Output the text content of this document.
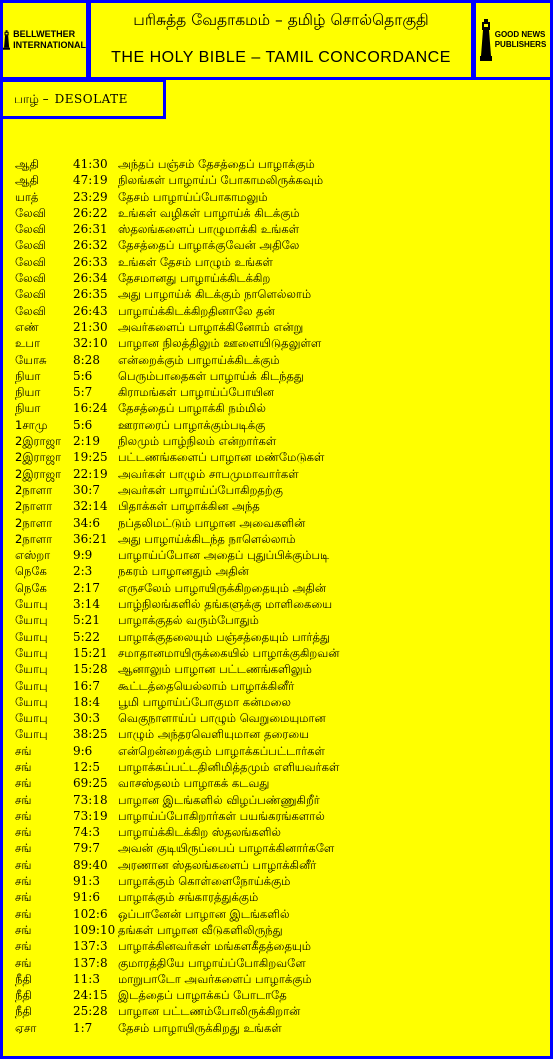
BELLWETHER
INTERNATIONAL
பரிசுத்த வேதாகமம் – தமிழ் சொல்தொகுதி
THE HOLY BIBLE – TAMIL CONCORDANCE
GOOD NEWS
PUBLISHERS
பாழ் – DESOLATE
ஆதி	41:30 அந்தப் பஞ்சம் தேசத்தைப் பாழாக்கும்
ஆதி	47:19 நிலங்கள் பாழாய்ப் போகாமலிருக்கவும்
யாத்	23:29 தேசம் பாழாய்ப்போகாமலும்
லேவி 26:22 உங்கள் வழிகள் பாழாய்க் கிடக்கும்
லேவி 26:31 ஸ்தலங்களைப் பாழுமாக்கி உங்கள்
லேவி 26:32 தேசத்தைப் பாழாக்குவேன் அதிலே
லேவி 26:33 உங்கள் தேசம் பாழும் உங்கள்
லேவி 26:34 தேசமானது பாழாய்க்கிடக்கிற
லேவி 26:35 அது பாழாய்க் கிடக்கும் நாளெல்லாம்
லேவி 26:43 பாழாய்க்கிடக்கிறதினாலே தன்
எண்	21:30 அவர்களைப் பாழாக்கினோம் என்று
உபா	32:10 பாழான நிலத்திலும் ஊளையிடுதலுள்ள
யோசு 8:28 என்றைக்கும் பாழாய்க்கிடக்கும்
நியா	5:6 பெரும்பாதைகள் பாழாய்க் கிடந்தது
நியா	5:7 கிராமங்கள் பாழாய்ப்போயின
நியா	16:24 தேசத்தைப் பாழாக்கி நம்மில்
1சாமு 5:6 ஊராரைப் பாழாக்கும்படிக்கு
2இராஜா 2:19 நிலமும் பாழ்நிலம் என்றார்கள்
2இராஜா 19:25 பட்டணங்களைப் பாழான மண்மேடுகள்
2இராஜா 22:19 அவர்கள் பாழும் சாபமுமாவார்கள்
2நாளா 30:7 அவர்கள் பாழாய்ப்போகிறதற்கு
2நாளா 32:14 பிதாக்கள் பாழாக்கின அந்த
2நாளா 34:6 நப்தலிமட்டும் பாழான அவைகளின்
2நாளா 36:21 அது பாழாய்க்கிடந்த நாளெல்லாம்
எஸ்றா 9:9 பாழாய்ப்போன அதைப் புதுப்பிக்கும்படி
நெகே 2:3 நகரம் பாழானதும் அதின்
நெகே 2:17 எருசலேம் பாழாயிருக்கிறதையும் அதின்
யோபு 3:14 பாழ்நிலங்களில் தங்களுக்கு மாளிகையை
யோபு 5:21 பாழாக்குதல் வரும்போதும்
யோபு 5:22 பாழாக்குதலையும் பஞ்சத்தையும் பார்த்து
யோபு 15:21 சமாதானமாயிருக்கையில் பாழாக்குகிறவன்
யோபு 15:28 ஆனாலும் பாழான பட்டணங்களிலும்
யோபு 16:7 கூட்டத்தையெல்லாம் பாழாக்கினீர்
யோபு 18:4 பூமி பாழாய்ப்போகுமா கன்மலை
யோபு 30:3 வெகுநாளாய்ப் பாழும் வெறுமையுமான
யோபு 38:25 பாழும் அந்தரவெளியுமான தரையை
சங்	9:6 என்றென்றைக்கும் பாழாக்கப்பட்டார்கள்
சங்	12:5 பாழாக்கப்பட்டதினிமித்தமும் எளியவர்கள்
சங்	69:25 வாசஸ்தலம் பாழாகக் கடவது
சங்	73:18 பாழான இடங்களில் விழப்பண்ணுகிறீர்
சங்	73:19 பாழாய்ப்போகிறார்கள் பயங்கரங்களால்
சங்	74:3 பாழாய்க்கிடக்கிற ஸ்தலங்களில்
சங்	79:7 அவன் குடியிருப்பைப் பாழாக்கினார்களே
சங்	89:40 அரணான ஸ்தலங்களைப் பாழாக்கினீர்
சங்	91:3 பாழாக்கும் கொள்ளைநோய்க்கும்
சங்	91:6 பாழாக்கும் சங்காரத்துக்கும்
சங்	102:6 ஒப்பானேன் பாழான இடங்களில்
சங்	109:10 தங்கள் பாழான வீடுகளிலிருந்து
சங்	137:3 பாழாக்கினவர்கள் மங்களகீதத்தையும்
சங்	137:8 குமாரத்தியே பாழாய்ப்போகிறவளே
நீதி	11:3 மாறுபாடோ அவர்களைப் பாழாக்கும்
நீதி	24:15 இடத்தைப் பாழாக்கப் போடாதே
நீதி	25:28 பாழான பட்டணம்போலிருக்கிறான்
ஏசா	1:7 தேசம் பாழாயிருக்கிறது உங்கள்
